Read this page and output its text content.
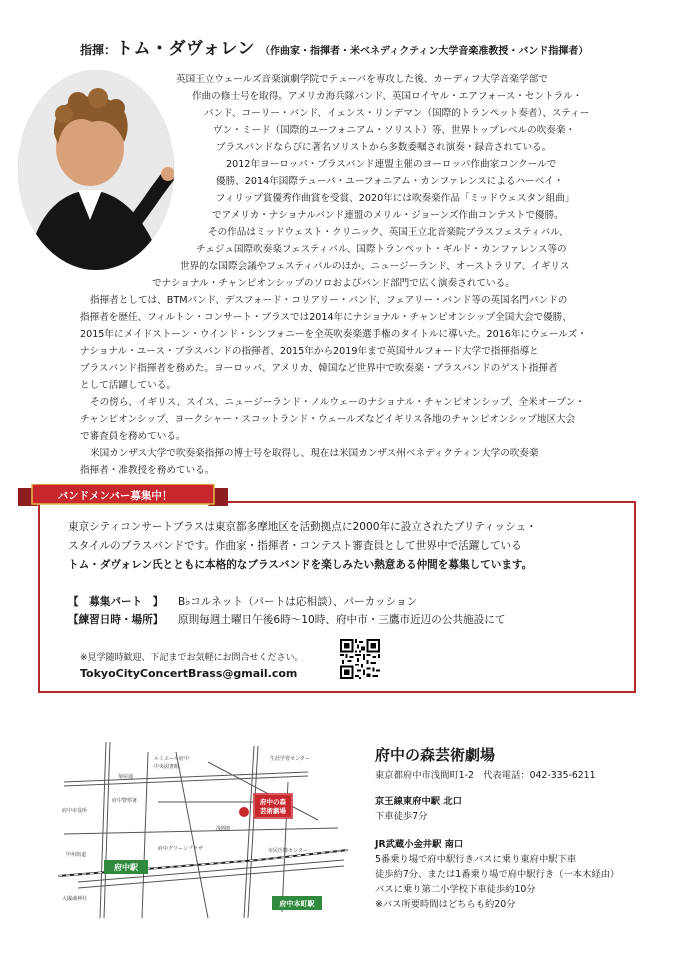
指揮：トム・ダヴォレン （作曲家・指揮者・米ベネディクティン大学音楽准教授・バンド指揮者）
英国王立ウェールズ音楽演劇学院でテューバを専攻した後、カーディフ大学音楽学部で
作曲の修士号を取得。アメリカ海兵隊バンド、英国ロイヤル・エアフォース・セントラル・
バンド、コーリー・バンド、イェンス・リンデマン（国際的トランペット奏者）、スティー
ヴン・ミード（国際的ユーフォニアム・ソリスト）等、世界トップレベルの吹奏楽・
ブラスバンドならびに著名ソリストから多数委嘱され演奏・録音されている。
2012年ヨーロッパ・ブラスバンド連盟主催のヨーロッパ作曲家コンクールで
優勝、2014年国際テューバ・ユーフォニアム・カンファレンスによるハーベイ・
フィリップ賞優秀作曲賞を受賞、2020年には吹奏楽作品「ミッドウェスタン組曲」
でアメリカ・ナショナルバンド連盟のメリル・ジョーンズ作曲コンテストで優勝。
その作品はミッドウェスト・クリニック、英国王立北音楽院ブラスフェスティバル、
チェジュ国際吹奏楽フェスティバル、国際トランペット・ギルド・カンファレンス等の
世界的な国際会議やフェスティバルのほか、ニュージーランド、オーストラリア、イギリス
でナショナル・チャンピオンシップのソロおよびバンド部門で広く演奏されている。
指揮者としては、BTMバンド、デスフォード・コリアリー・バンド、フェアリー・バンド等の英国名門バンドの
指揮者を歴任、フィルトン・コンサート・ブラスでは2014年にナショナル・チャンピオンシップ全国大会で優勝、
2015年にメイドストーン・ウインド・シンフォニーを全英吹奏楽選手権のタイトルに導いた。2016年にウェールズ・
ナショナル・ユース・ブラスバンドの指揮者、2015年から2019年まで英国サルフォード大学で指揮指導と
ブラスバンド指揮者を務めた。ヨーロッパ、アメリカ、韓国など世界中で吹奏楽・ブラスバンドのゲスト指揮者
として活躍している。
その傍ら、イギリス、スイス、ニュージーランド・ノルウェーのナショナル・チャンピオンシップ、全米オープン・
チャンピオンシップ、ヨークシャー・スコットランド・ウェールズなどイギリス各地のチャンピオンシップ地区大会
で審査員を務めている。
米国カンザス大学で吹奏楽指揮の博士号を取得し、現在は米国カンザス州ベネディクティン大学の吹奏楽
指揮者・准教授を務めている。
バンドメンバー募集中！
東京シティコンサートブラスは東京都多摩地区を活動拠点に2000年に設立されたブリティッシュ・
スタイルのブラスバンドです。作曲家・指揮者・コンテスト審査員として世界中で活躍している
トム・ダヴォレン氏とともに本格的なブラスバンドを楽しみたい熱意ある仲間を募集しています。
【　募集パート　】 B♭コルネット（パートは応相談）、パーカッション
【練習日時・場所】 原則毎週土曜日午後6時〜10時、府中市・三鷹市近辺の公共施設にて
※見学随時歓迎、下記までお気軽にお問合せください。
TokyoCityConcertBrass@gmail.com
府中駅
府中本町駅
府中の森
芸術劇場
府中警察署
府中市役所
大國魂神社
府中グリーンプラザ
甲州街道
中央図書館
ルミエール府中
菊屋通
浅間町
生涯学習センター
市民医療センター
府中の森芸術劇場
東京都府中市浅間町1-2　代表電話：042-335-6211
京王線東府中駅 北口
下車徒歩7分
JR武蔵小金井駅 南口
5番乗り場で府中駅行きバスに乗り東府中駅下車
徒歩約7分、または1番乗り場で府中駅行き（一本木経由）
バスに乗り第二小学校下車徒歩約10分
※バス所要時間はどちらも約20分
